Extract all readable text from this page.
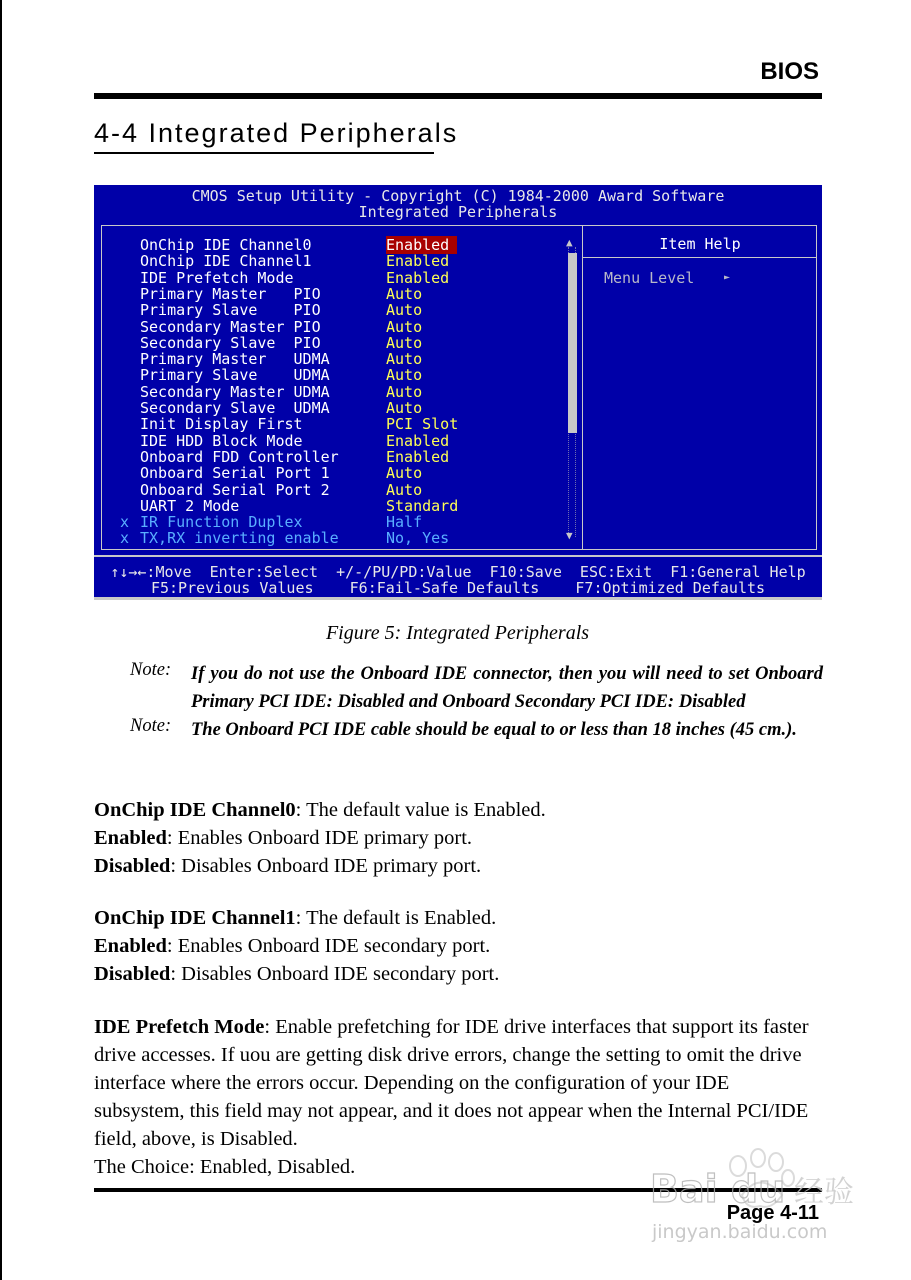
BIOS
4-4 Integrated Peripherals
CMOS Setup Utility - Copyright (C) 1984-2000 Award Software
Integrated Peripherals
OnChip IDE Channel0	Enabled
OnChip IDE Channel1	Enabled
IDE Prefetch Mode	Enabled
Primary Master   PIO	Auto
Primary Slave    PIO	Auto
Secondary Master PIO	Auto
Secondary Slave  PIO	Auto
Primary Master   UDMA	Auto
Primary Slave    UDMA	Auto
Secondary Master UDMA	Auto
Secondary Slave  UDMA	Auto
Init Display First	PCI Slot
IDE HDD Block Mode	Enabled
Onboard FDD Controller	Enabled
Onboard Serial Port 1	Auto
Onboard Serial Port 2	Auto
UART 2 Mode	Standard
x IR Function Duplex	Half
x TX,RX inverting enable	No, Yes
▲
▼
Item Help
Menu Level	►
↑↓→←:Move  Enter:Select  +/-/PU/PD:Value  F10:Save  ESC:Exit  F1:General Help
F5:Previous Values    F6:Fail-Safe Defaults    F7:Optimized Defaults
Figure 5: Integrated Peripherals
Note: If you do not use the Onboard IDE connector, then you will need to set Onboard Primary PCI IDE: Disabled and Onboard Secondary PCI IDE: Disabled
Note: The Onboard PCI IDE cable should be equal to or less than 18 inches (45 cm.).
OnChip IDE Channel0: The default value is Enabled.
Enabled: Enables Onboard IDE primary port.
Disabled: Disables Onboard IDE primary port.
OnChip IDE Channel1: The default is Enabled.
Enabled: Enables Onboard IDE secondary port.
Disabled: Disables Onboard IDE secondary port.
IDE Prefetch Mode: Enable prefetching for IDE drive interfaces that support its faster drive accesses. If uou are getting disk drive errors, change the setting to omit the drive interface where the errors occur. Depending on the configuration of your IDE subsystem, this field may not appear, and it does not appear when the Internal PCI/IDE field, above, is Disabled.
The Choice: Enabled, Disabled.
Page 4-11
Bai du 经验
jingyan.baidu.com
